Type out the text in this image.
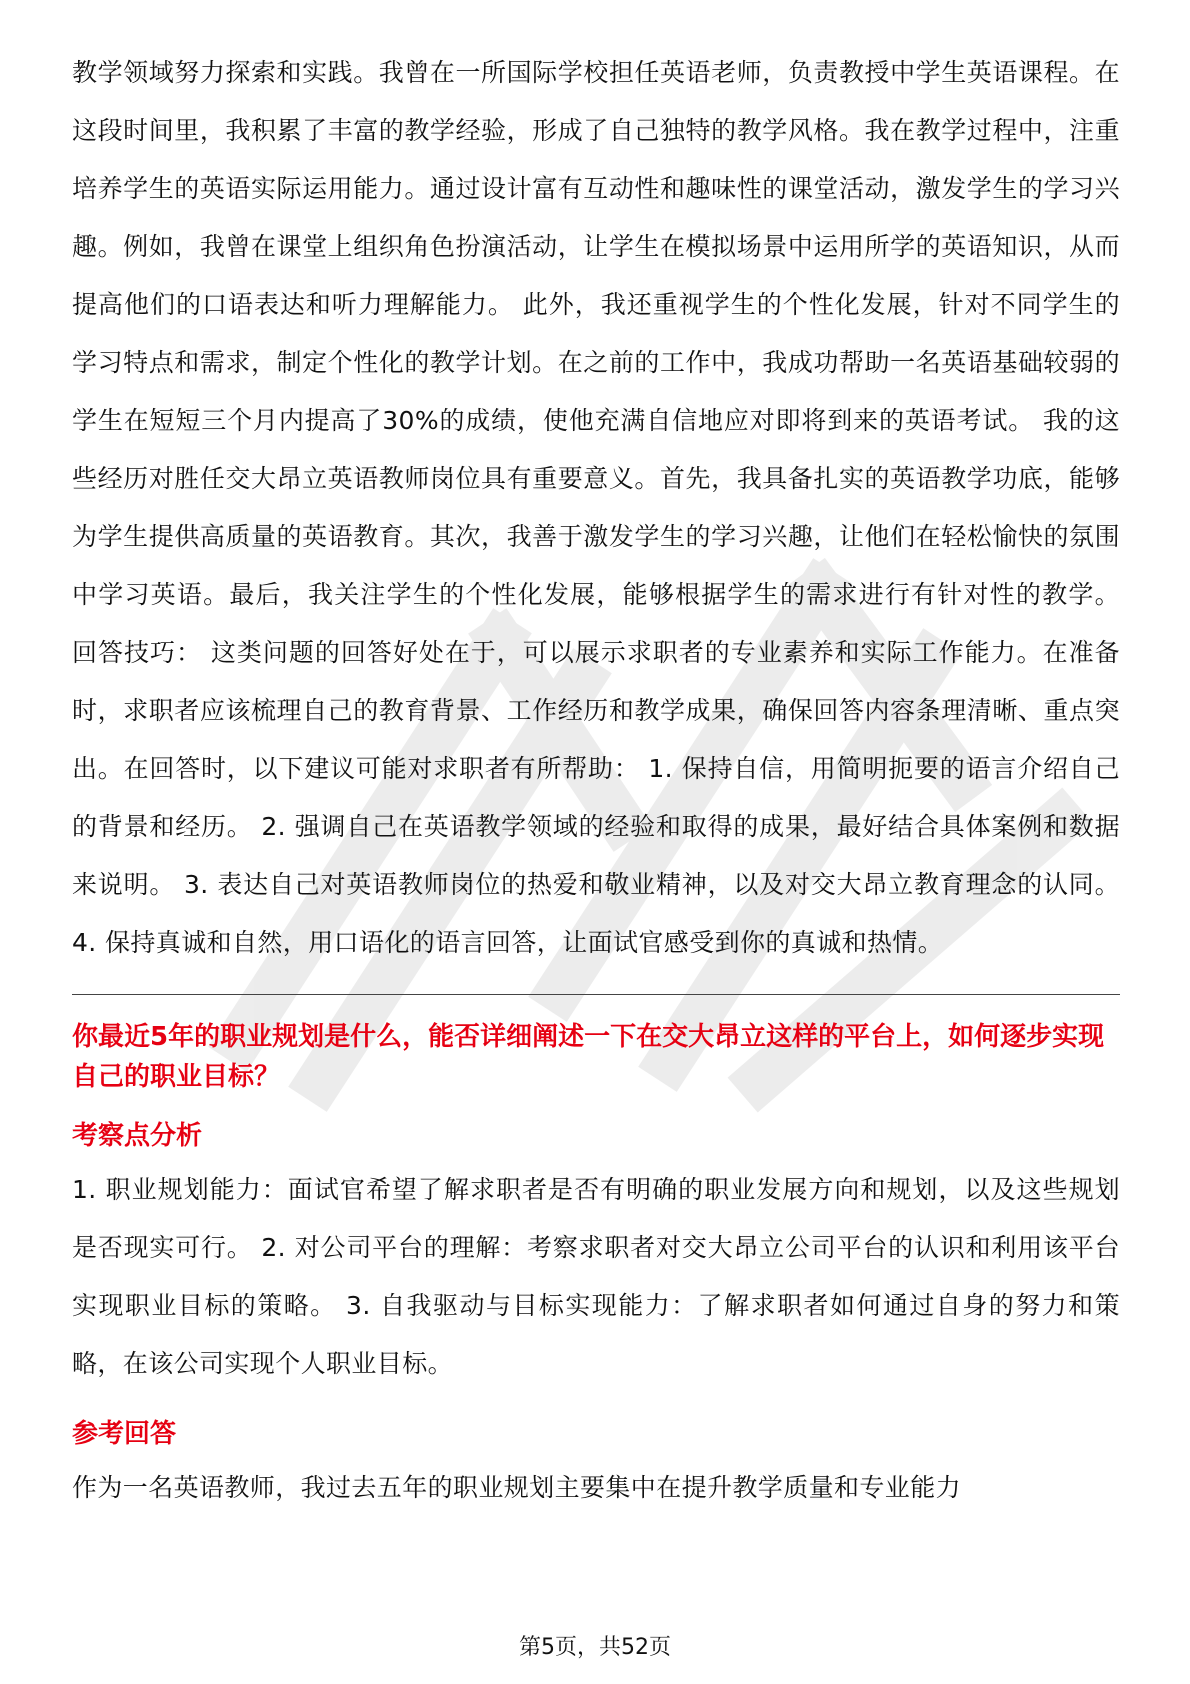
教学领域努力探索和实践。我曾在一所国际学校担任英语老师，负责教授中学生英语课程。在这段时间里，我积累了丰富的教学经验，形成了自己独特的教学风格。我在教学过程中，注重培养学生的英语实际运用能力。通过设计富有互动性和趣味性的课堂活动，激发学生的学习兴趣。例如，我曾在课堂上组织角色扮演活动，让学生在模拟场景中运用所学的英语知识，从而提高他们的口语表达和听力理解能力。 此外，我还重视学生的个性化发展，针对不同学生的学习特点和需求，制定个性化的教学计划。在之前的工作中，我成功帮助一名英语基础较弱的学生在短短三个月内提高了30%的成绩，使他充满自信地应对即将到来的英语考试。 我的这些经历对胜任交大昂立英语教师岗位具有重要意义。首先，我具备扎实的英语教学功底，能够为学生提供高质量的英语教育。其次，我善于激发学生的学习兴趣，让他们在轻松愉快的氛围中学习英语。最后，我关注学生的个性化发展，能够根据学生的需求进行有针对性的教学。 回答技巧： 这类问题的回答好处在于，可以展示求职者的专业素养和实际工作能力。在准备时，求职者应该梳理自己的教育背景、工作经历和教学成果，确保回答内容条理清晰、重点突出。在回答时，以下建议可能对求职者有所帮助： 1. 保持自信，用简明扼要的语言介绍自己的背景和经历。 2. 强调自己在英语教学领域的经验和取得的成果，最好结合具体案例和数据来说明。 3. 表达自己对英语教师岗位的热爱和敬业精神，以及对交大昂立教育理念的认同。 4. 保持真诚和自然，用口语化的语言回答，让面试官感受到你的真诚和热情。

你最近5年的职业规划是什么，能否详细阐述一下在交大昂立这样的平台上，如何逐步实现自己的职业目标？

考察点分析

1. 职业规划能力：面试官希望了解求职者是否有明确的职业发展方向和规划，以及这些规划是否现实可行。 2. 对公司平台的理解：考察求职者对交大昂立公司平台的认识和利用该平台实现职业目标的策略。 3. 自我驱动与目标实现能力：了解求职者如何通过自身的努力和策略，在该公司实现个人职业目标。

参考回答

作为一名英语教师，我过去五年的职业规划主要集中在提升教学质量和专业能力

第5页，共52页
